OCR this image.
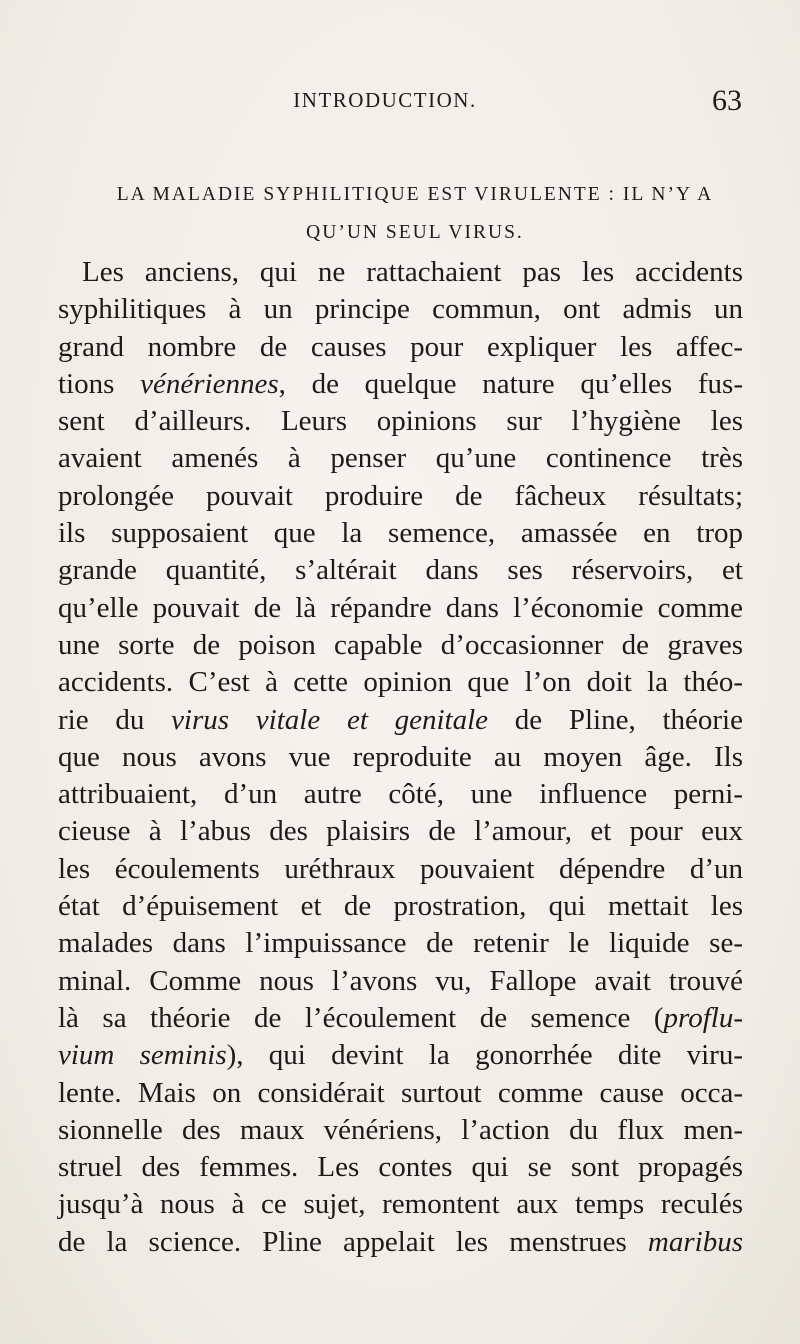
INTRODUCTION.	63
LA MALADIE SYPHILITIQUE EST VIRULENTE : IL N’Y A
QU’UN SEUL VIRUS.
Les anciens, qui ne rattachaient pas les accidents
syphilitiques à un principe commun, ont admis un
grand nombre de causes pour expliquer les affec-
tions vénériennes, de quelque nature qu’elles fus-
sent d’ailleurs. Leurs opinions sur l’hygiène les
avaient amenés à penser qu’une continence très
prolongée pouvait produire de fâcheux résultats;
ils supposaient que la semence, amassée en trop
grande quantité, s’altérait dans ses réservoirs, et
qu’elle pouvait de là répandre dans l’économie comme
une sorte de poison capable d’occasionner de graves
accidents. C’est à cette opinion que l’on doit la théo-
rie du virus vitale et genitale de Pline, théorie
que nous avons vue reproduite au moyen âge. Ils
attribuaient, d’un autre côté, une influence perni-
cieuse à l’abus des plaisirs de l’amour, et pour eux
les écoulements uréthraux pouvaient dépendre d’un
état d’épuisement et de prostration, qui mettait les
malades dans l’impuissance de retenir le liquide se-
minal. Comme nous l’avons vu, Fallope avait trouvé
là sa théorie de l’écoulement de semence (proflu-
vium seminis), qui devint la gonorrhée dite viru-
lente. Mais on considérait surtout comme cause occa-
sionnelle des maux vénériens, l’action du flux men-
struel des femmes. Les contes qui se sont propagés
jusqu’à nous à ce sujet, remontent aux temps reculés
de la science. Pline appelait les menstrues maribus
